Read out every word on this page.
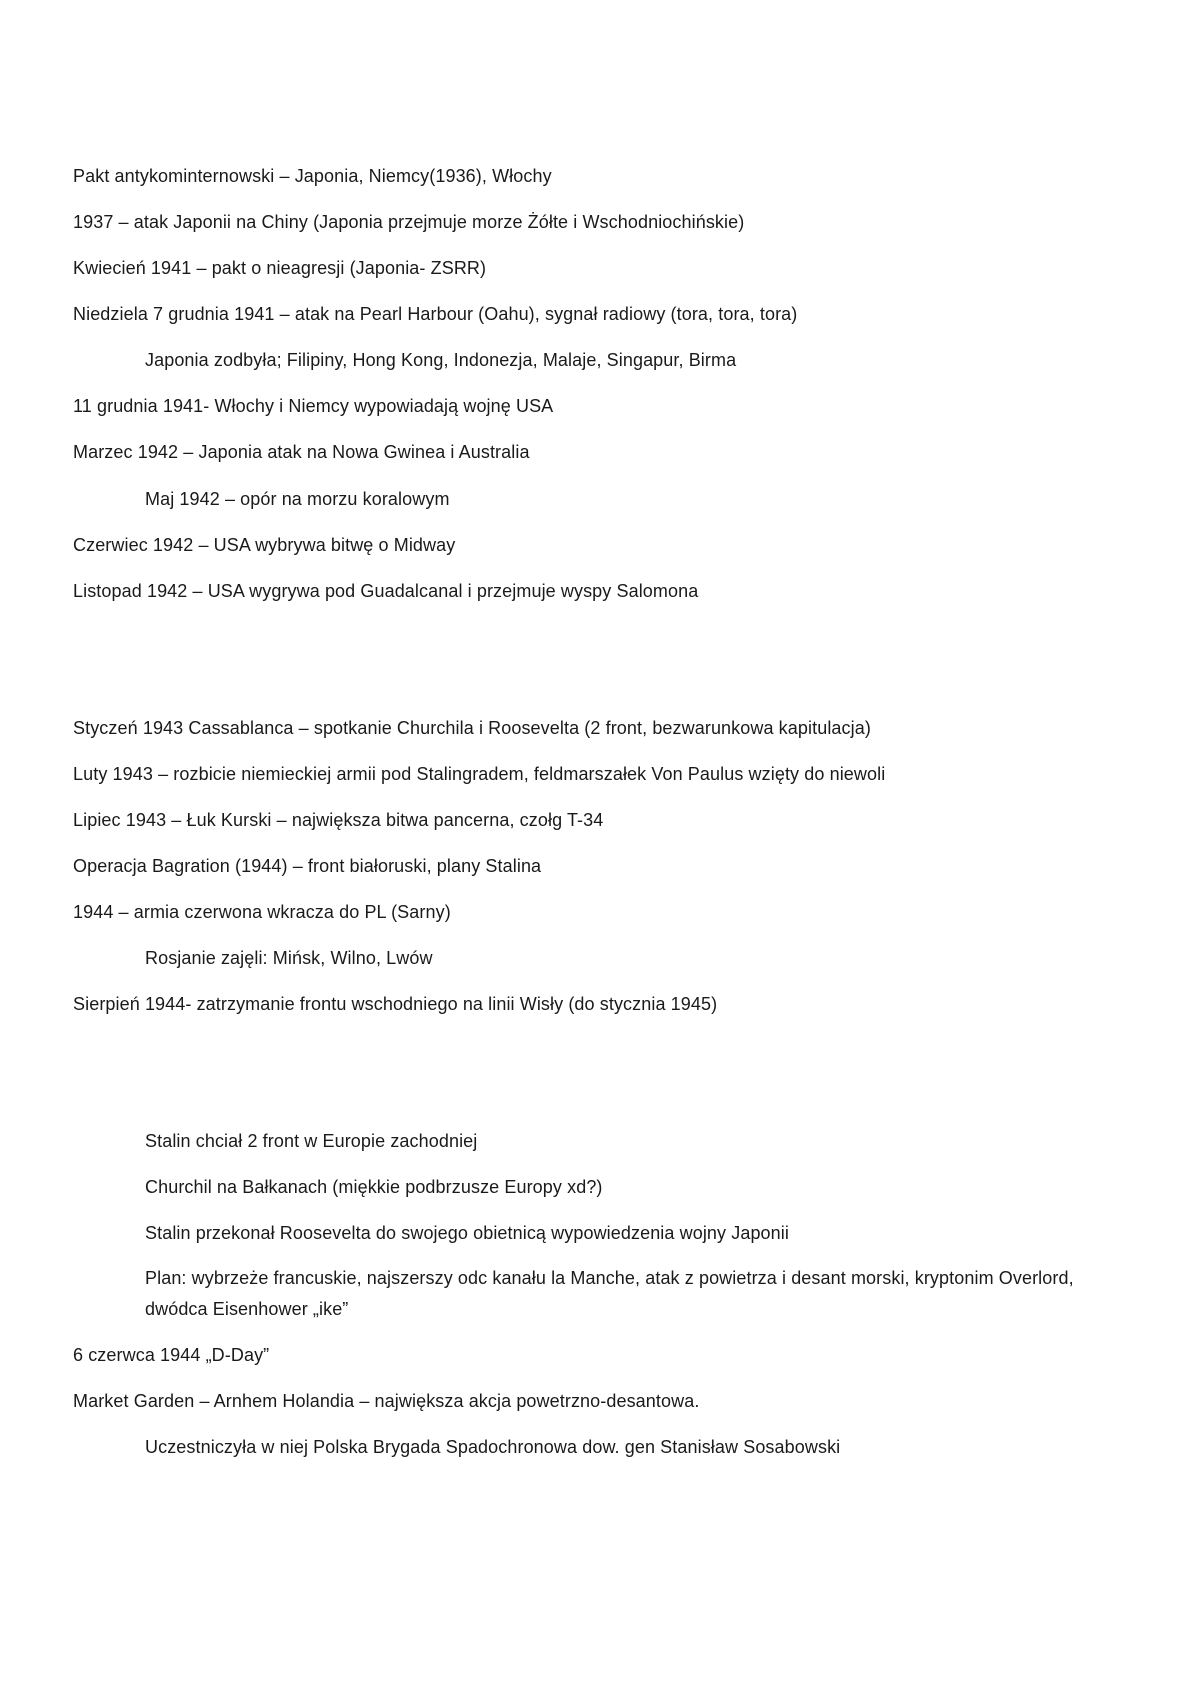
Pakt antykominternowski – Japonia, Niemcy(1936), Włochy
1937 – atak Japonii na Chiny (Japonia przejmuje morze Żółte i Wschodniochińskie)
Kwiecień 1941 – pakt o nieagresji (Japonia- ZSRR)
Niedziela 7 grudnia 1941 – atak na Pearl Harbour (Oahu), sygnał radiowy (tora, tora, tora)
Japonia zodbyła; Filipiny, Hong Kong, Indonezja, Malaje, Singapur, Birma
11 grudnia 1941- Włochy i Niemcy wypowiadają wojnę USA
Marzec 1942 – Japonia atak na Nowa Gwinea i Australia
Maj 1942 – opór na morzu koralowym
Czerwiec 1942 – USA wybrywa bitwę o Midway
Listopad 1942 – USA wygrywa pod Guadalcanal i przejmuje wyspy Salomona
Styczeń 1943 Cassablanca – spotkanie Churchila i Roosevelta (2 front, bezwarunkowa kapitulacja)
Luty 1943 – rozbicie niemieckiej armii pod Stalingradem, feldmarszałek Von Paulus wzięty do niewoli
Lipiec 1943 – Łuk Kurski – największa bitwa pancerna, czołg T-34
Operacja Bagration (1944) – front białoruski, plany Stalina
1944 – armia czerwona wkracza do PL (Sarny)
Rosjanie zajęli: Mińsk, Wilno, Lwów
Sierpień 1944- zatrzymanie frontu wschodniego na linii Wisły (do stycznia 1945)
Stalin chciał 2 front w Europie zachodniej
Churchil na Bałkanach (miękkie podbrzusze Europy xd?)
Stalin przekonał Roosevelta do swojego obietnicą wypowiedzenia wojny Japonii
Plan: wybrzeże francuskie, najszerszy odc kanału la Manche, atak z powietrza i desant morski, kryptonim Overlord, dwódca Eisenhower „ike”
6 czerwca 1944 „D-Day”
Market Garden – Arnhem Holandia – największa akcja powetrzno-desantowa.
Uczestniczyła w niej Polska Brygada Spadochronowa dow. gen Stanisław Sosabowski
